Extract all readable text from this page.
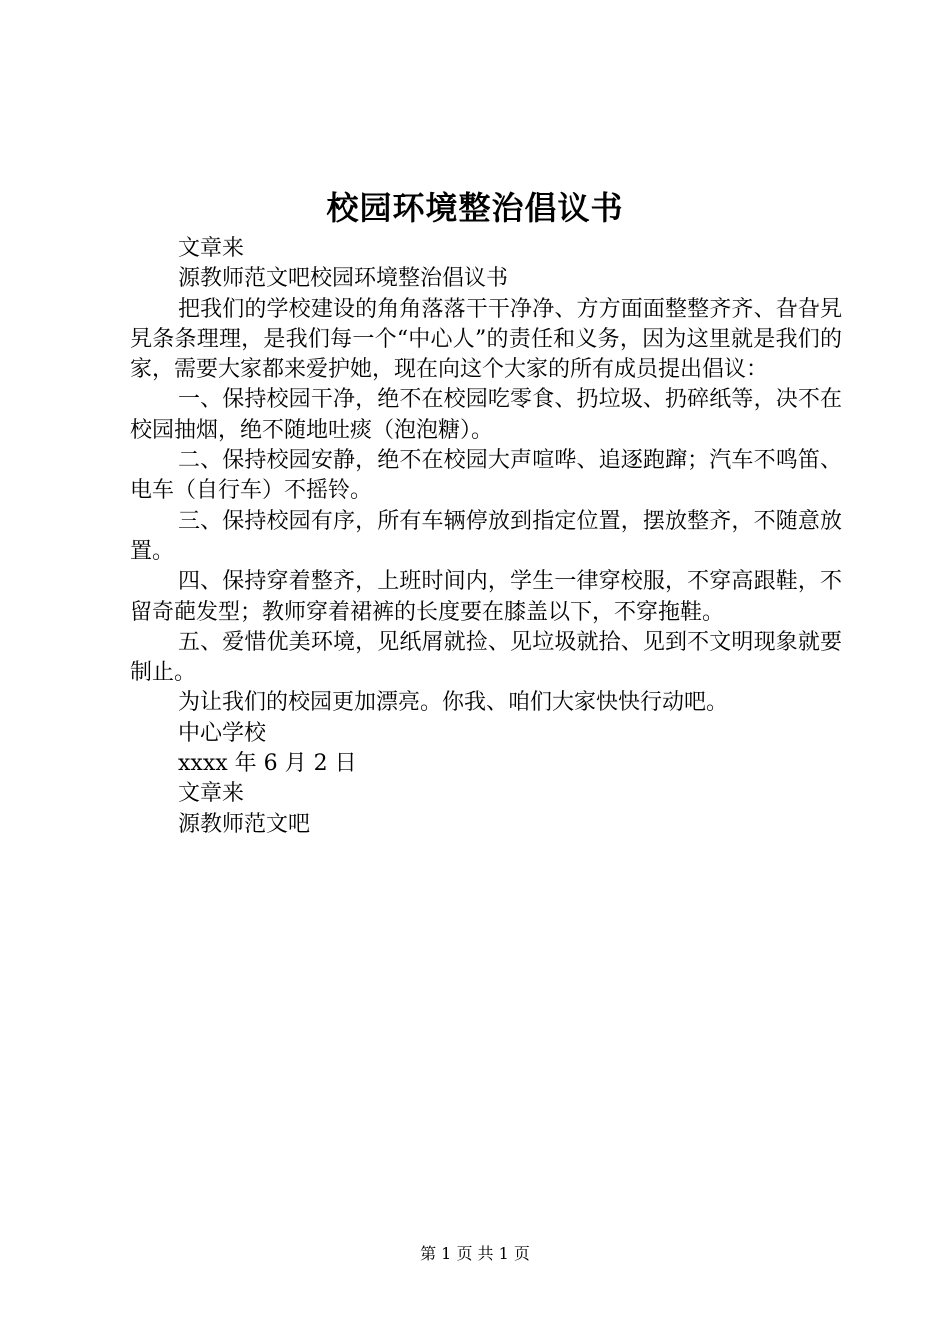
校园环境整治倡议书

文章来

源教师范文吧校园环境整治倡议书

把我们的学校建设的角角落落干干净净、方方面面整整齐齐、旮旮旯旯条条理理，是我们每一个“中心人”的责任和义务，因为这里就是我们的家，需要大家都来爱护她，现在向这个大家的所有成员提出倡议：

一、保持校园干净，绝不在校园吃零食、扔垃圾、扔碎纸等，决不在校园抽烟，绝不随地吐痰（泡泡糖）。

二、保持校园安静，绝不在校园大声喧哗、追逐跑蹿；汽车不鸣笛、电车（自行车）不摇铃。

三、保持校园有序，所有车辆停放到指定位置，摆放整齐，不随意放置。

四、保持穿着整齐，上班时间内，学生一律穿校服，不穿高跟鞋，不留奇葩发型；教师穿着裙裤的长度要在膝盖以下，不穿拖鞋。

五、爱惜优美环境，见纸屑就捡、见垃圾就拾、见到不文明现象就要制止。

为让我们的校园更加漂亮。你我、咱们大家快快行动吧。

中心学校

xxxx 年 6 月 2 日

文章来

源教师范文吧

第 1 页 共 1 页
